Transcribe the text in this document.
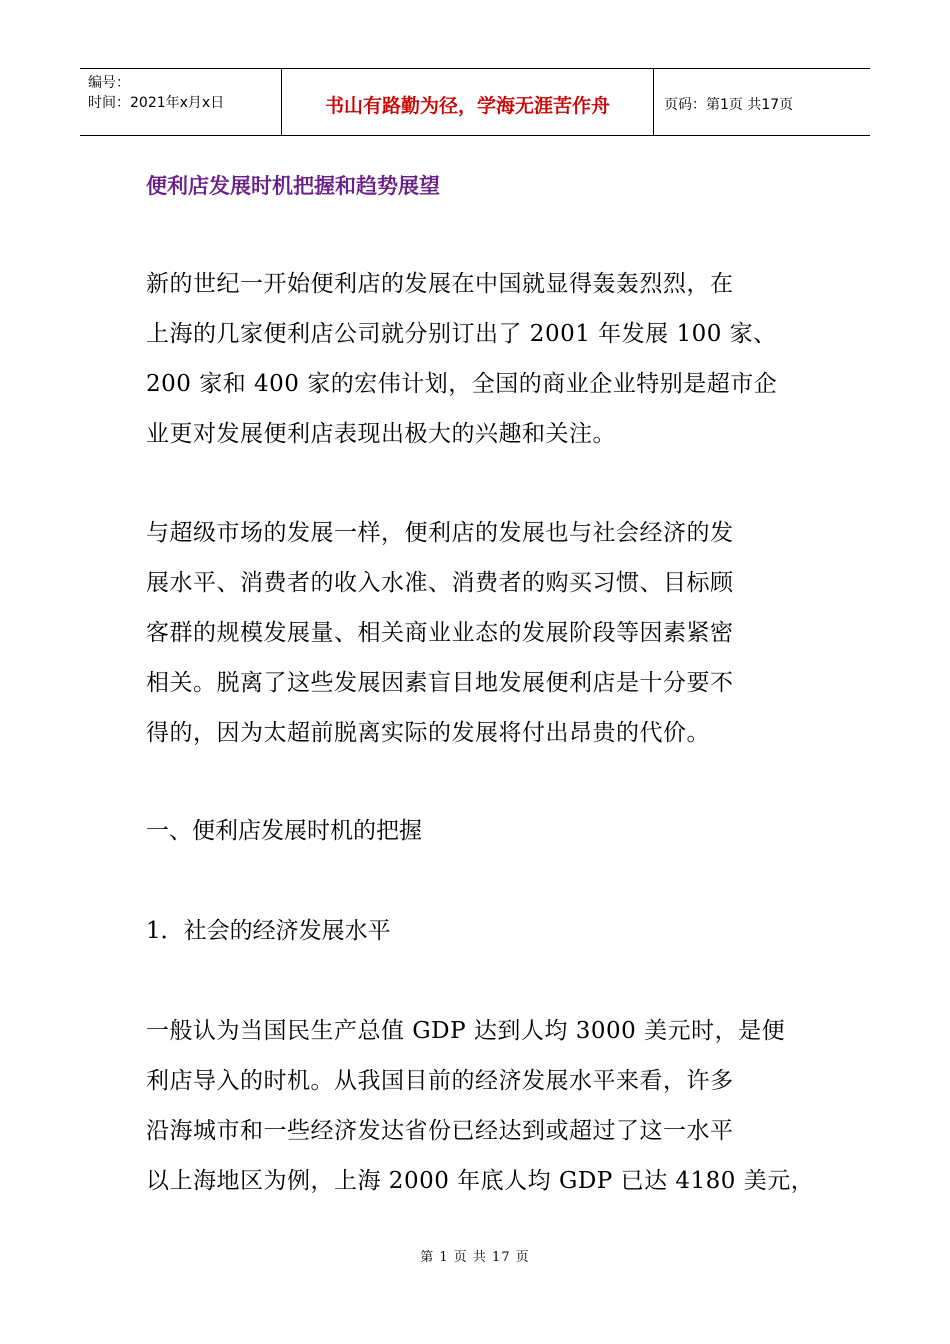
编号：
时间：2021年x月x日	书山有路勤为径，学海无涯苦作舟	页码：第1页 共17页
便利店发展时机把握和趋势展望

新的世纪一开始便利店的发展在中国就显得轰轰烈烈，在
上海的几家便利店公司就分别订出了 2001 年发展 100 家、
200 家和 400 家的宏伟计划，全国的商业企业特别是超市企
业更对发展便利店表现出极大的兴趣和关注。

与超级市场的发展一样，便利店的发展也与社会经济的发
展水平、消费者的收入水准、消费者的购买习惯、目标顾
客群的规模发展量、相关商业业态的发展阶段等因素紧密
相关。脱离了这些发展因素盲目地发展便利店是十分要不
得的，因为太超前脱离实际的发展将付出昂贵的代价。

一、便利店发展时机的把握

1．社会的经济发展水平

一般认为当国民生产总值 GDP 达到人均 3000 美元时，是便
利店导入的时机。从我国目前的经济发展水平来看，许多
沿海城市和一些经济发达省份已经达到或超过了这一水平
以上海地区为例，上海 2000 年底人均 GDP 已达 4180 美元，

第 1 页 共 17 页
